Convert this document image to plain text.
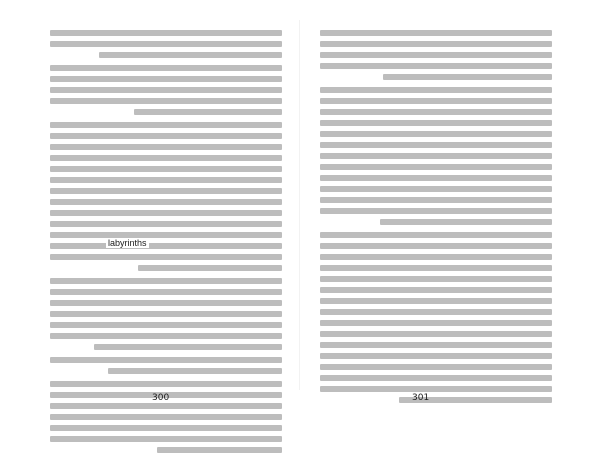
labyrinths
300	301
